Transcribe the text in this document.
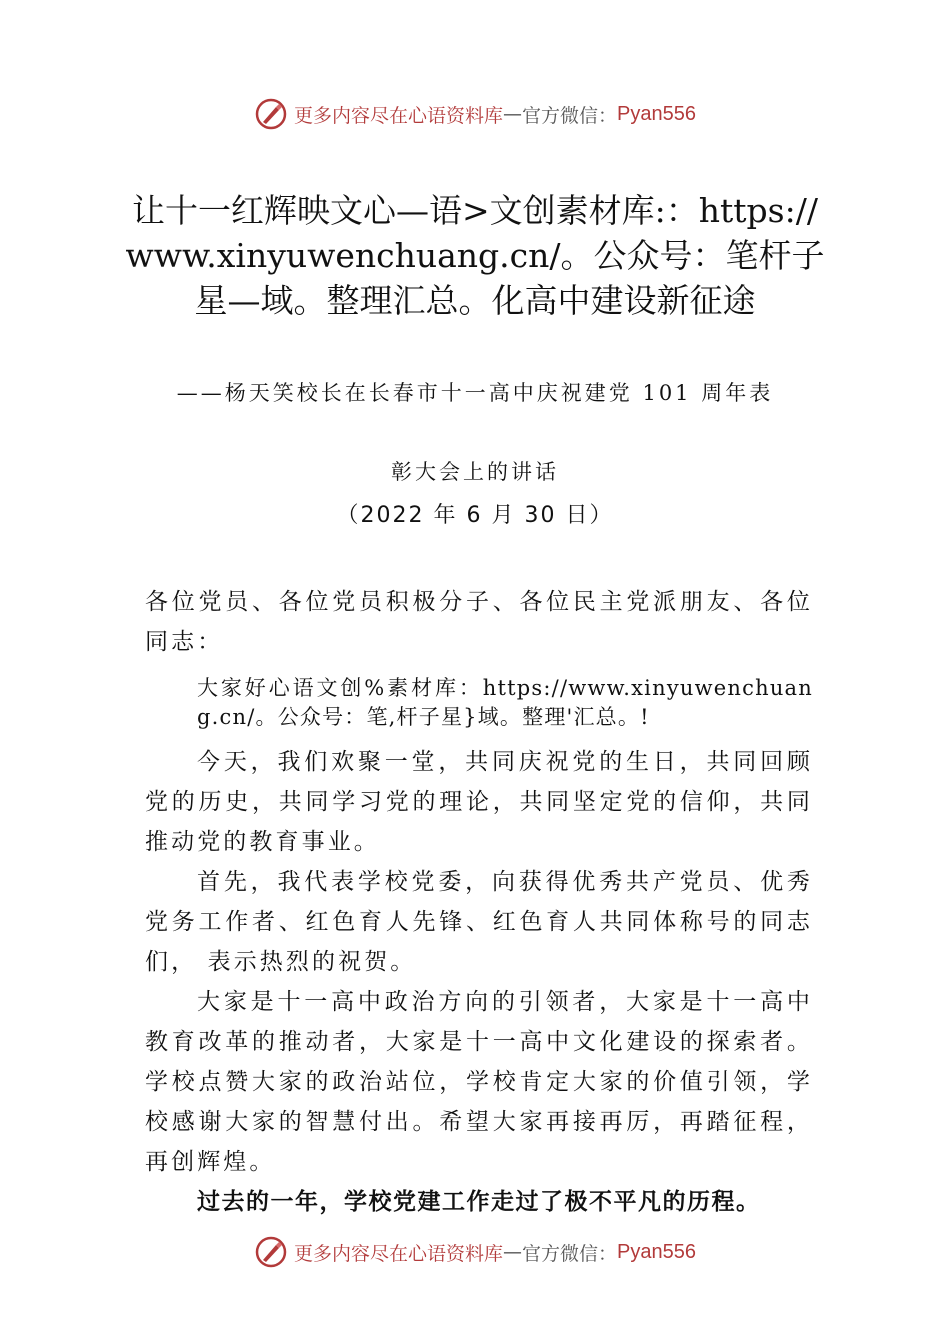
更多内容尽在心语资料库 — 官方微信： Pyan556
让十一红辉映文心—语>文创素材库:：https://www.xinyuwenchuang.cn/。公众号：笔杆子星—域。整理汇总。化高中建设新征途
——杨天笑校长在长春市十一高中庆祝建党 101 周年表
彰大会上的讲话
（2022 年 6 月 30 日）

各位党员、各位党员积极分子、各位民主党派朋友、各位同志：

大家好心语文创%素材库：https://www.xinyuwenchuang.cn/。公众号：笔,杆子星}域。整理'汇总。!

今天，我们欢聚一堂，共同庆祝党的生日，共同回顾党的历史，共同学习党的理论，共同坚定党的信仰，共同推动党的教育事业。

首先，我代表学校党委，向获得优秀共产党员、优秀党务工作者、红色育人先锋、红色育人共同体称号的同志们， 表示热烈的祝贺。

大家是十一高中政治方向的引领者，大家是十一高中教育改革的推动者，大家是十一高中文化建设的探索者。学校点赞大家的政治站位，学校肯定大家的价值引领，学校感谢大家的智慧付出。希望大家再接再厉，再踏征程，再创辉煌。

过去的一年，学校党建工作走过了极不平凡的历程。

更多内容尽在心语资料库 — 官方微信： Pyan556
